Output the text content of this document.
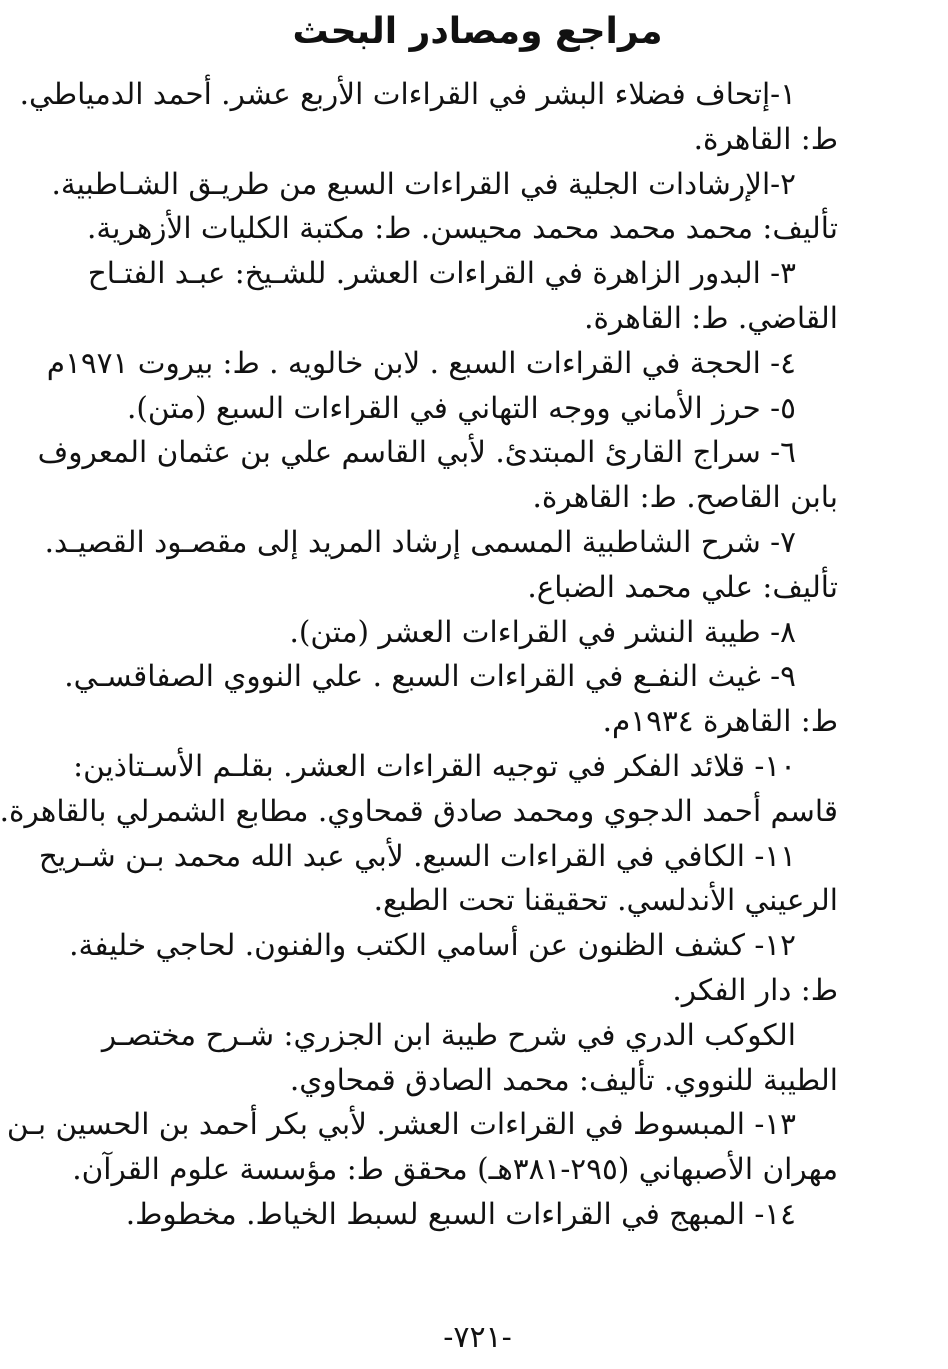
مراجع ومصادر البحث
١-إتحاف فضلاء البشر في القراءات الأربع عشر. أحمد الدمياطي.
ط: القاهرة.
٢-الإرشادات الجلية في القراءات السبع من طريـق الشـاطبية.
تأليف: محمد محمد محمد محيسن. ط: مكتبة الكليات الأزهرية.
٣- البدور الزاهرة في القراءات العشر. للشـيخ: عبـد الفتـاح
القاضي. ط: القاهرة.
٤- الحجة في القراءات السبع . لابن خالويه . ط: بيروت ١٩٧١م
٥- حرز الأماني ووجه التهاني في القراءات السبع (متن).
٦- سراج القارئ المبتدئ. لأبي القاسم علي بن عثمان المعروف
بابن القاصح. ط: القاهرة.
٧- شرح الشاطبية المسمى إرشاد المريد إلى مقصـود القصيـد.
تأليف: علي محمد الضباع.
٨- طيبة النشر في القراءات العشر (متن).
٩- غيث النفـع في القراءات السبع . علي النووي الصفاقسـي.
ط: القاهرة ١٩٣٤م.
١٠- قلائد الفكر في توجيه القراءات العشر. بقلـم الأسـتاذين:
قاسم أحمد الدجوي ومحمد صادق قمحاوي. مطابع الشمرلي بالقاهرة.
١١- الكافي في القراءات السبع. لأبي عبد الله محمد بـن شـريح
الرعيني الأندلسي. تحقيقنا تحت الطبع.
١٢- كشف الظنون عن أسامي الكتب والفنون. لحاجي خليفة.
ط: دار الفكر.
الكوكب الدري في شرح طيبة ابن الجزري: شـرح مختصـر
الطيبة للنووي. تأليف: محمد الصادق قمحاوي.
١٣- المبسوط في القراءات العشر. لأبي بكر أحمد بن الحسين بـن
مهران الأصبهاني (٢٩٥-٣٨١هـ) محقق ط: مؤسسة علوم القرآن.
١٤- المبهج في القراءات السبع لسبط الخياط. مخطوط.
-٧٢١-
